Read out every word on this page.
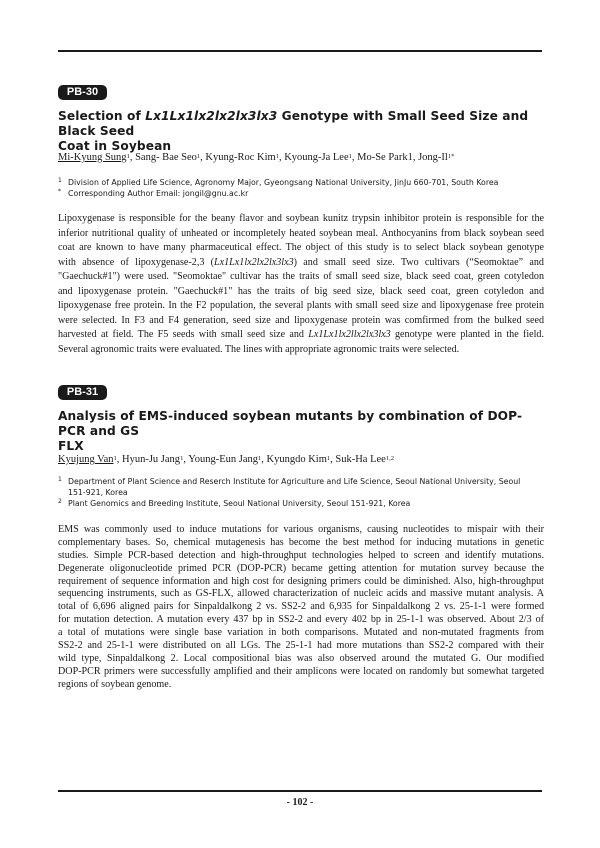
PB-30
Selection of Lx1Lx1lx2lx2lx3lx3 Genotype with Small Seed Size and Black Seed
Coat in Soybean
Mi-Kyung Sung$^1$, Sang- Bae Seo$^1$, Kyung-Roc Kim$^1$, Kyoung-Ja Lee$^1$, Mo-Se Park1, Jong-$Il^{1*}$
1 Division of Applied Life Science, Agronomy Major, Gyeongsang National University, JinJu 660-701, South Korea
* Corresponding Author Email: jongil@gnu.ac.kr
Lipoxygenase is responsible for the beany flavor and soybean kunitz trypsin inhibitor protein is responsible for the
inferior nutritional quality of unheated or incompletely heated soybean meal. Anthocyanins from black soybean seed
coat are known to have many pharmaceutical effect. The object of this study is to select black soybean genotype
with absence of lipoxygenase-2,3 (Lx1Lx1lx2lx2lx3lx3) and small seed size. Two cultivars (“Seomoktae” and
"Gaechuck#1") were used. "Seomoktae" cultivar has the traits of small seed size, black seed coat, green cotyledon
and lipoxygenase protein. "Gaechuck#1" has the traits of big seed size, black seed coat, green cotyledon and
lipoxygenase free protein. In the F2 population, the several plants with small seed size and lipoxygenase free protein
were selected. In F3 and F4 generation, seed size and lipoxygenase protein was comfirmed from the bulked seed
harvested at field. The F5 seeds with small seed size and Lx1Lx1lx2llx2lx3lx3 genotype were planted in the field.
Several agronomic traits were evaluated. The lines with appropriate agronomic traits were selected.
PB-31
Analysis of EMS-induced soybean mutants by combination of DOP-PCR and GS
FLX
Kyujung Van$^1$, Hyun-Ju Jang$^1$, Young-Eun Jang$^1$, Kyungdo Kim$^1$, Suk-Ha Lee$^{1,2}$
1 Department of Plant Science and Reserch Institute for Agriculture and Life Science, Seoul National University, Seoul
151-921, Korea
2 Plant Genomics and Breeding Institute, Seoul National University, Seoul 151-921, Korea
EMS was commonly used to induce mutations for various organisms, causing nucleotides to mispair with their
complementary bases. So, chemical mutagenesis has become the best method for inducing mutations in genetic
studies. Simple PCR-based detection and high-throughput technologies helped to screen and identify mutations.
Degenerate oligonucleotide primed PCR (DOP-PCR) became getting attention for mutation survey because the
requirement of sequence information and high cost for designing primers could be diminished. Also, high-throughput
sequencing instruments, such as GS-FLX, allowed characterization of nucleic acids and massive mutant analysis. A
total of 6,696 aligned pairs for Sinpaldalkong 2 vs. SS2-2 and 6,935 for Sinpaldalkong 2 vs. 25-1-1 were formed
for mutation detection. A mutation every 437 bp in SS2-2 and every 402 bp in 25-1-1 was observed. About 2/3 of
a total of mutations were single base variation in both comparisons. Mutated and non-mutated fragments from
SS2-2 and 25-1-1 were distributed on all LGs. The 25-1-1 had more mutations than SS2-2 compared with their
wild type, Sinpaldalkong 2. Local compositional bias was also observed around the mutated G. Our modified
DOP-PCR primers were successfully amplified and their amplicons were located on randomly but somewhat targeted
regions of soybean genome.
- 102 -
